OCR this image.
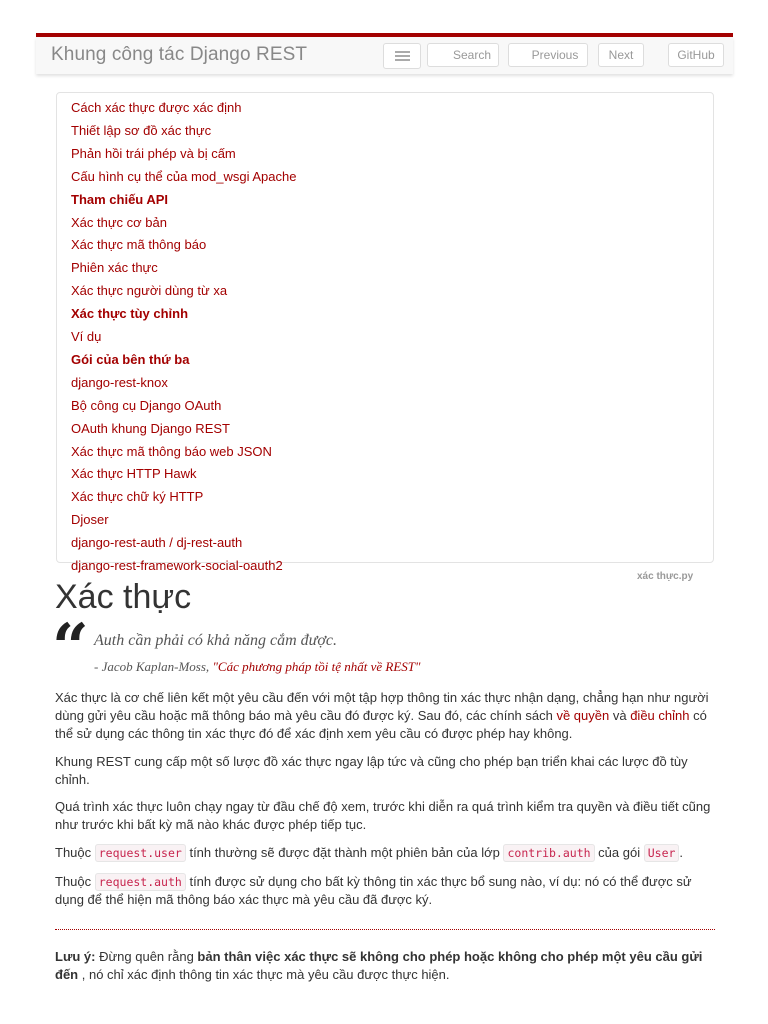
Khung công tác Django REST	Search	Previous	Next	GitHub
Cách xác thực được xác định
Thiết lập sơ đồ xác thực
Phản hồi trái phép và bị cấm
Cấu hình cụ thể của mod_wsgi Apache
Tham chiếu API
Xác thực cơ bản
Xác thực mã thông báo
Phiên xác thực
Xác thực người dùng từ xa
Xác thực tùy chỉnh
Ví dụ
Gói của bên thứ ba
django-rest-knox
Bộ công cụ Django OAuth
OAuth khung Django REST
Xác thực mã thông báo web JSON
Xác thực HTTP Hawk
Xác thực chữ ký HTTP
Djoser
django-rest-auth / dj-rest-auth
django-rest-framework-social-oauth2
xác thực.py
Xác thực
“ Auth cần phải có khả năng cắm được.
- Jacob Kaplan-Moss, "Các phương pháp tồi tệ nhất về REST"
Xác thực là cơ chế liên kết một yêu cầu đến với một tập hợp thông tin xác thực nhận dạng, chẳng hạn như người dùng gửi yêu cầu hoặc mã thông báo mà yêu cầu đó được ký. Sau đó, các chính sách về quyền và điều chỉnh có thể sử dụng các thông tin xác thực đó để xác định xem yêu cầu có được phép hay không.
Khung REST cung cấp một số lược đồ xác thực ngay lập tức và cũng cho phép bạn triển khai các lược đồ tùy chỉnh.
Quá trình xác thực luôn chạy ngay từ đầu chế độ xem, trước khi diễn ra quá trình kiểm tra quyền và điều tiết cũng như trước khi bất kỳ mã nào khác được phép tiếp tục.
Thuộc request.user tính thường sẽ được đặt thành một phiên bản của lớp contrib.auth của gói User .
Thuộc request.auth tính được sử dụng cho bất kỳ thông tin xác thực bổ sung nào, ví dụ: nó có thể được sử dụng để thể hiện mã thông báo xác thực mà yêu cầu đã được ký.
Lưu ý: Đừng quên rằng bản thân việc xác thực sẽ không cho phép hoặc không cho phép một yêu cầu gửi đến , nó chỉ xác định thông tin xác thực mà yêu cầu được thực hiện.
